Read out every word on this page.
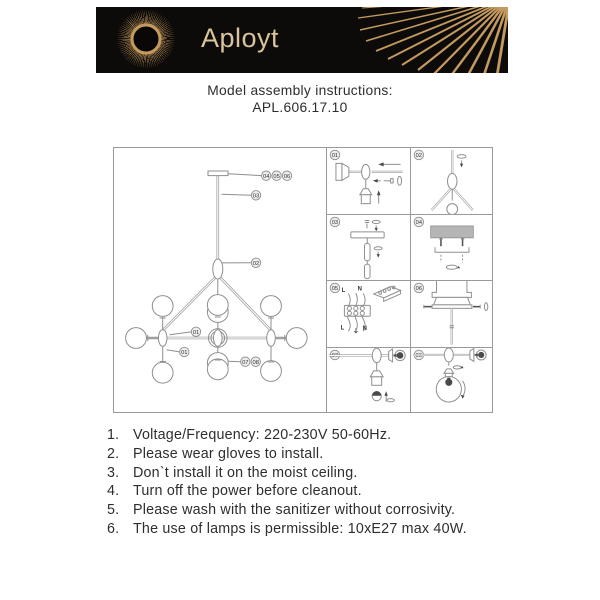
Aployt
Model assembly instructions:
APL.606.17.10
04 05 06
03
02
01
01
07 08
01	02
03	04
05 L N
L
⏚ N
06
07	08
1. Voltage/Frequency: 220-230V 50-60Hz.
2. Please wear gloves to install.
3. Don`t install it on the moist ceiling.
4. Turn off the power before cleanout.
5. Please wash with the sanitizer without corrosivity.
6. The use of lamps is permissible: 10xE27 max 40W.
